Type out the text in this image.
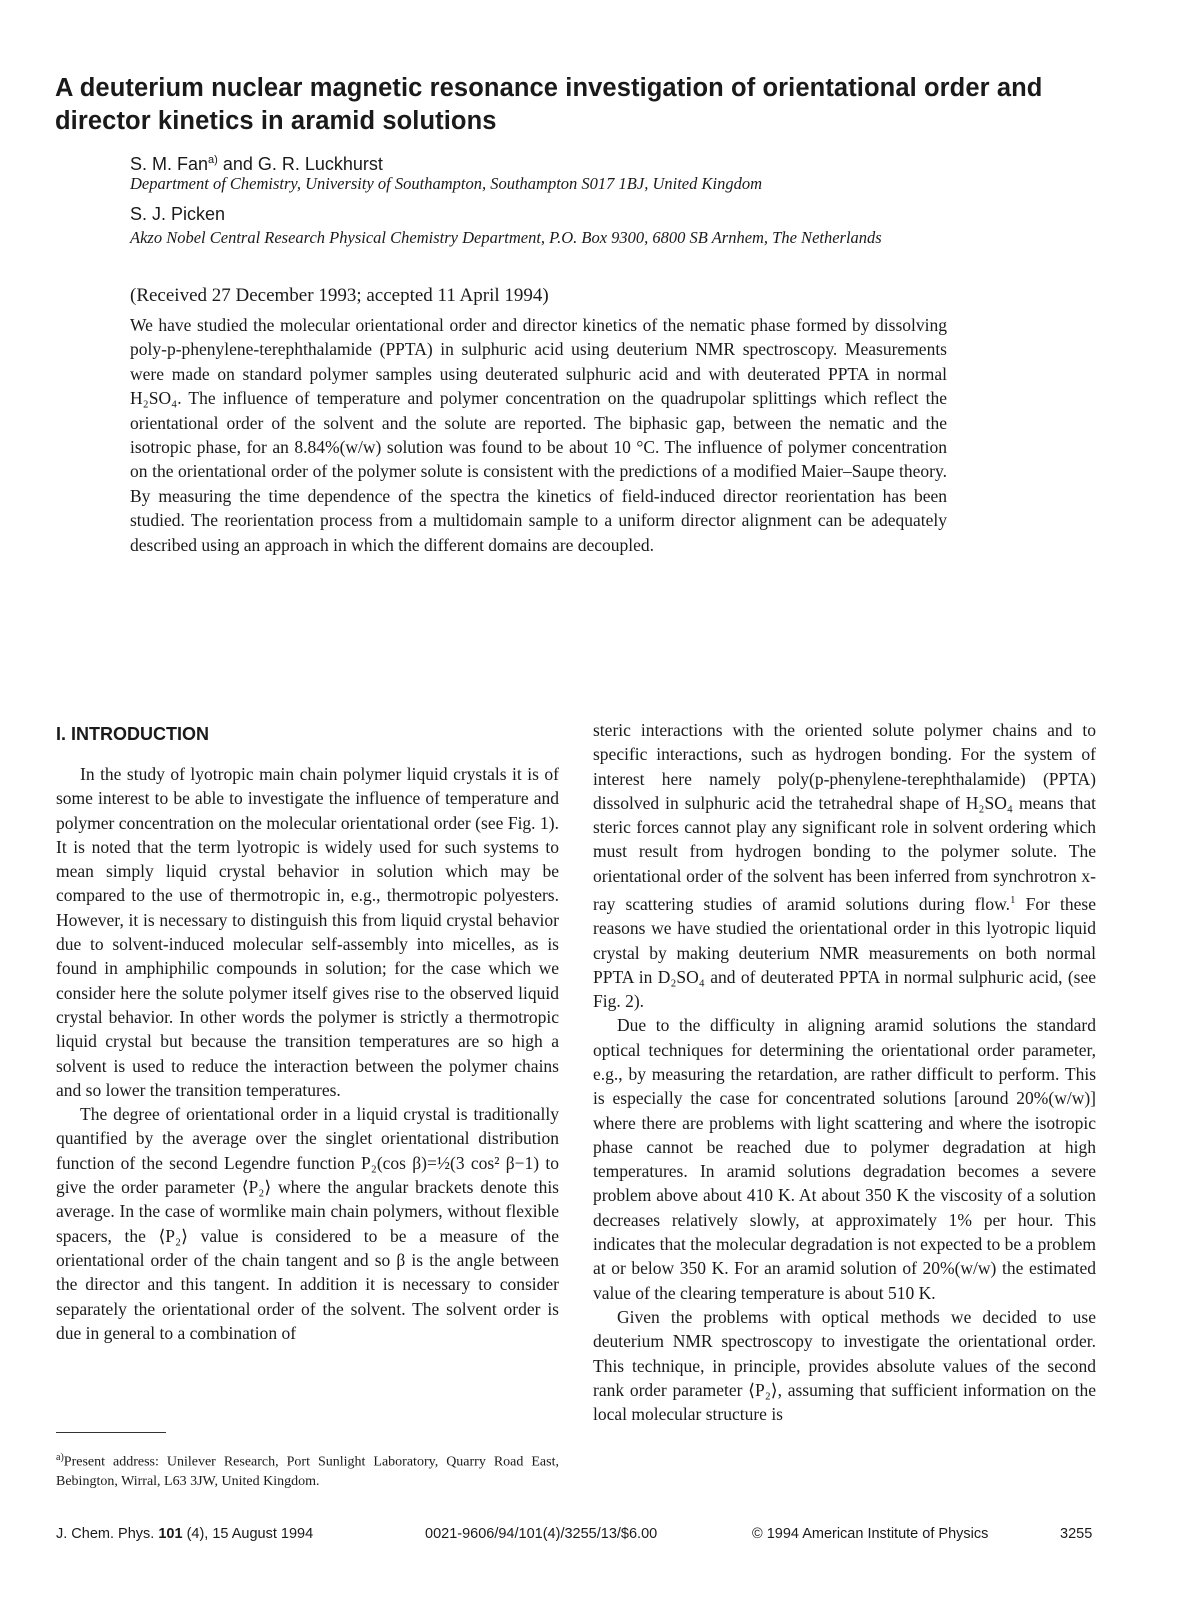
A deuterium nuclear magnetic resonance investigation of orientational order and director kinetics in aramid solutions
S. M. Fan$^{a)}$ and G. R. Luckhurst
Department of Chemistry, University of Southampton, Southampton S017 1BJ, United Kingdom
S. J. Picken
Akzo Nobel Central Research Physical Chemistry Department, P.O. Box 9300, 6800 SB Arnhem, The Netherlands
(Received 27 December 1993; accepted 11 April 1994)

We have studied the molecular orientational order and director kinetics of the nematic phase formed by dissolving poly-p-phenylene-terephthalamide (PPTA) in sulphuric acid using deuterium NMR spectroscopy. Measurements were made on standard polymer samples using deuterated sulphuric acid and with deuterated PPTA in normal H₂SO₄. The influence of temperature and polymer concentration on the quadrupolar splittings which reflect the orientational order of the solvent and the solute are reported. The biphasic gap, between the nematic and the isotropic phase, for an 8.84%(w/w) solution was found to be about 10 °C. The influence of polymer concentration on the orientational order of the polymer solute is consistent with the predictions of a modified Maier–Saupe theory. By measuring the time dependence of the spectra the kinetics of field-induced director reorientation has been studied. The reorientation process from a multidomain sample to a uniform director alignment can be adequately described using an approach in which the different domains are decoupled.

I. INTRODUCTION

In the study of lyotropic main chain polymer liquid crystals it is of some interest to be able to investigate the influence of temperature and polymer concentration on the molecular orientational order (see Fig. 1). It is noted that the term lyotropic is widely used for such systems to mean simply liquid crystal behavior in solution which may be compared to the use of thermotropic in, e.g., thermotropic polyesters. However, it is necessary to distinguish this from liquid crystal behavior due to solvent-induced molecular self-assembly into micelles, as is found in amphiphilic compounds in solution; for the case which we consider here the solute polymer itself gives rise to the observed liquid crystal behavior. In other words the polymer is strictly a thermotropic liquid crystal but because the transition temperatures are so high a solvent is used to reduce the interaction between the polymer chains and so lower the transition temperatures.

The degree of orientational order in a liquid crystal is traditionally quantified by the average over the singlet orientational distribution function of the second Legendre function P₂(cos β)=½(3 cos² β−1) to give the order parameter ⟨P₂⟩ where the angular brackets denote this average. In the case of wormlike main chain polymers, without flexible spacers, the ⟨P₂⟩ value is considered to be a measure of the orientational order of the chain tangent and so β is the angle between the director and this tangent. In addition it is necessary to consider separately the orientational order of the solvent. The solvent order is due in general to a combination of

steric interactions with the oriented solute polymer chains and to specific interactions, such as hydrogen bonding. For the system of interest here namely poly(p-phenylene-terephthalamide) (PPTA) dissolved in sulphuric acid the tetrahedral shape of H₂SO₄ means that steric forces cannot play any significant role in solvent ordering which must result from hydrogen bonding to the polymer solute. The orientational order of the solvent has been inferred from synchrotron x-ray scattering studies of aramid solutions during flow.$^1$ For these reasons we have studied the orientational order in this lyotropic liquid crystal by making deuterium NMR measurements on both normal PPTA in D₂SO₄ and of deuterated PPTA in normal sulphuric acid, (see Fig. 2).

Due to the difficulty in aligning aramid solutions the standard optical techniques for determining the orientational order parameter, e.g., by measuring the retardation, are rather difficult to perform. This is especially the case for concentrated solutions [around 20%(w/w)] where there are problems with light scattering and where the isotropic phase cannot be reached due to polymer degradation at high temperatures. In aramid solutions degradation becomes a severe problem above about 410 K. At about 350 K the viscosity of a solution decreases relatively slowly, at approximately 1% per hour. This indicates that the molecular degradation is not expected to be a problem at or below 350 K. For an aramid solution of 20%(w/w) the estimated value of the clearing temperature is about 510 K.

Given the problems with optical methods we decided to use deuterium NMR spectroscopy to investigate the orientational order. This technique, in principle, provides absolute values of the second rank order parameter ⟨P₂⟩, assuming that sufficient information on the local molecular structure is

$^{a)}$Present address: Unilever Research, Port Sunlight Laboratory, Quarry Road East, Bebington, Wirral, L63 3JW, United Kingdom.
J. Chem. Phys. 101 (4), 15 August 1994	0021-9606/94/101(4)/3255/13/$6.00	© 1994 American Institute of Physics	3255
